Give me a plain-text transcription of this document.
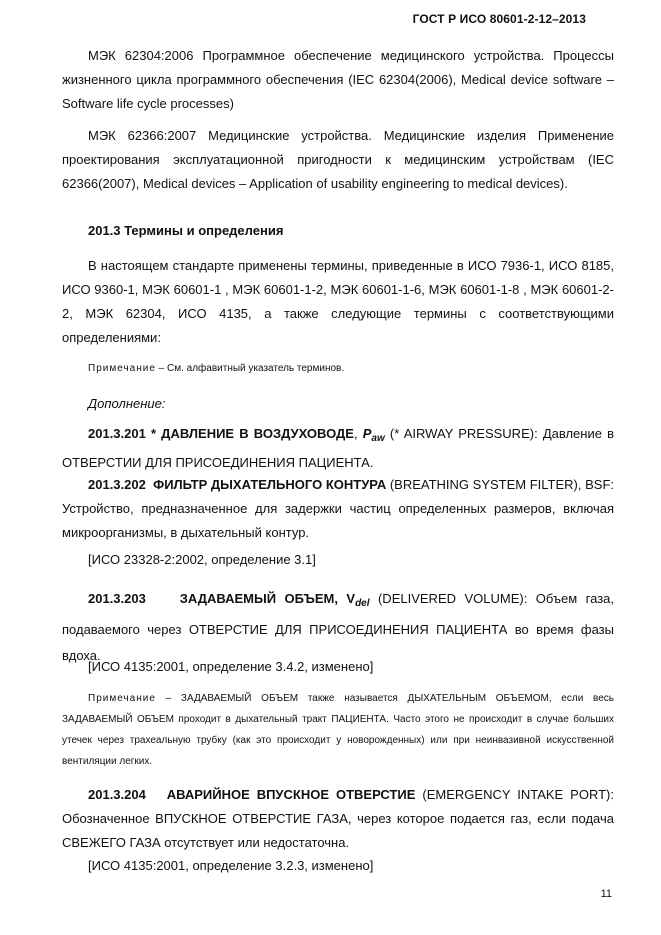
ГОСТ Р ИСО 80601-2-12–2013
МЭК 62304:2006 Программное обеспечение медицинского устройства. Процессы жизненного цикла программного обеспечения (IEC 62304(2006), Medical device software – Software life cycle processes)
МЭК 62366:2007 Медицинские устройства. Медицинские изделия Применение проектирования эксплуатационной пригодности к медицинским устройствам (IEC 62366(2007), Medical devices – Application of usability engineering to medical devices).
201.3 Термины и определения
В настоящем стандарте применены термины, приведенные в ИСО 7936-1, ИСО 8185, ИСО 9360-1, МЭК 60601-1 , МЭК 60601-1-2, МЭК 60601-1-6, МЭК 60601-1-8 , МЭК 60601-2-2, МЭК 62304, ИСО 4135, а также следующие термины с соответствующими определениями:
Примечание – См. алфавитный указатель терминов.
Дополнение:
201.3.201 * ДАВЛЕНИЕ В ВОЗДУХОВОДЕ, $P_{aw}$ (* AIRWAY PRESSURE): Давление в ОТВЕРСТИИ ДЛЯ ПРИСОЕДИНЕНИЯ ПАЦИЕНТА.
201.3.202 ФИЛЬТР ДЫХАТЕЛЬНОГО КОНТУРА (BREATHING SYSTEM FILTER), BSF: Устройство, предназначенное для задержки частиц определенных размеров, включая микроорганизмы, в дыхательный контур.
[ИСО 23328-2:2002, определение 3.1]
201.3.203	ЗАДАВАЕМЫЙ ОБЪЕМ, $V_{del}$ (DELIVERED VOLUME): Объем газа, подаваемого через ОТВЕРСТИЕ ДЛЯ ПРИСОЕДИНЕНИЯ ПАЦИЕНТА во время фазы вдоха.
[ИСО 4135:2001, определение 3.4.2, изменено]
Примечание – ЗАДАВАЕМЫЙ ОБЪЕМ также называется ДЫХАТЕЛЬНЫМ ОБЪЕМОМ, если весь ЗАДАВАЕМЫЙ ОБЪЕМ проходит в дыхательный тракт ПАЦИЕНТА. Часто этого не происходит в случае больших утечек через трахеальную трубку (как это происходит у новорожденных) или при неинвазивной искусственной вентиляции легких.
201.3.204 АВАРИЙНОЕ ВПУСКНОЕ ОТВЕРСТИЕ (EMERGENCY INTAKE PORT): Обозначенное ВПУСКНОЕ ОТВЕРСТИЕ ГАЗА, через которое подается газ, если подача СВЕЖЕГО ГАЗА отсутствует или недостаточна.
[ИСО 4135:2001, определение 3.2.3, изменено]
11
